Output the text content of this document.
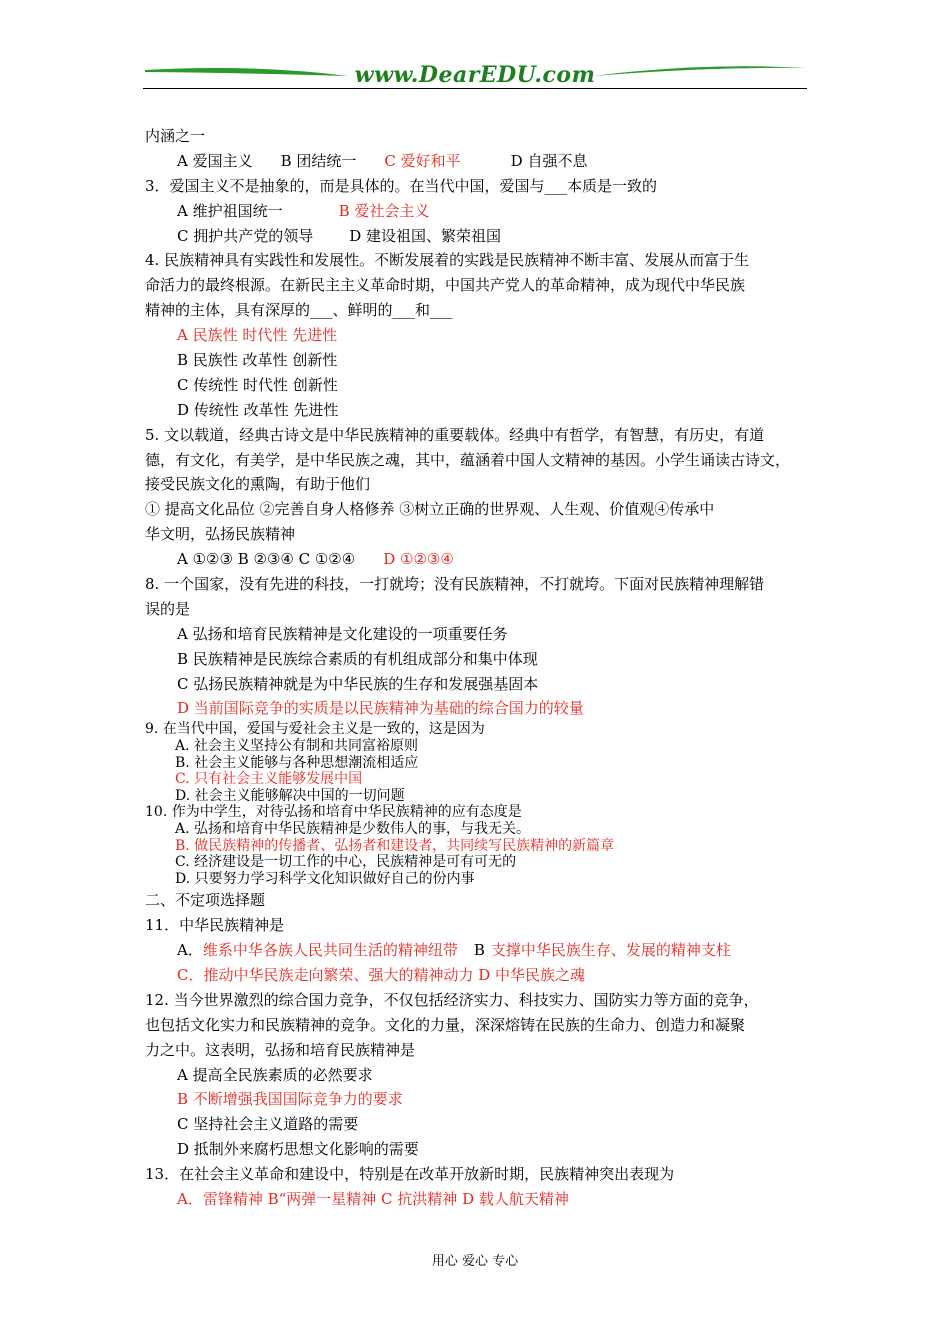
www.DearEDU.com
内涵之一
A 爱国主义 B 团结统一 C 爱好和平	D 自强不息
3．爱国主义不是抽象的，而是具体的。在当代中国，爱国与___本质是一致的
A 维护祖国统一	B 爱社会主义
C 拥护共产党的领导 D 建设祖国、繁荣祖国
4. 民族精神具有实践性和发展性。不断发展着的实践是民族精神不断丰富、发展从而富于生
命活力的最终根源。在新民主主义革命时期，中国共产党人的革命精神，成为现代中华民族
精神的主体，具有深厚的___、鲜明的___和___
A 民族性 时代性 先进性
B 民族性 改革性 创新性
C 传统性 时代性 创新性
D 传统性 改革性 先进性
5. 文以载道，经典古诗文是中华民族精神的重要载体。经典中有哲学，有智慧，有历史，有道
德，有文化，有美学，是中华民族之魂，其中，蕴涵着中国人文精神的基因。小学生诵读古诗文，
接受民族文化的熏陶，有助于他们
① 提高文化品位 ②完善自身人格修养 ③树立正确的世界观、人生观、价值观④传承中
华文明，弘扬民族精神
A ①②③ B ②③④ C ①②④ D ①②③④
8. 一个国家，没有先进的科技，一打就垮；没有民族精神，不打就垮。下面对民族精神理解错
误的是
A 弘扬和培育民族精神是文化建设的一项重要任务
B 民族精神是民族综合素质的有机组成部分和集中体现
C 弘扬民族精神就是为中华民族的生存和发展强基固本
D 当前国际竞争的实质是以民族精神为基础的综合国力的较量
9. 在当代中国，爱国与爱社会主义是一致的，这是因为
A. 社会主义坚持公有制和共同富裕原则
B. 社会主义能够与各种思想潮流相适应
C. 只有社会主义能够发展中国
D. 社会主义能够解决中国的一切问题
10. 作为中学生，对待弘扬和培育中华民族精神的应有态度是
A. 弘扬和培育中华民族精神是少数伟人的事，与我无关。
B. 做民族精神的传播者、弘扬者和建设者，共同续写民族精神的新篇章
C. 经济建设是一切工作的中心，民族精神是可有可无的
D. 只要努力学习科学文化知识做好自己的份内事
二、不定项选择题
11．中华民族精神是
A．维系中华各族人民共同生活的精神纽带 B 支撑中华民族生存、发展的精神支柱
C．推动中华民族走向繁荣、强大的精神动力 D 中华民族之魂
12. 当今世界激烈的综合国力竞争，不仅包括经济实力、科技实力、国防实力等方面的竞争，
也包括文化实力和民族精神的竞争。文化的力量，深深熔铸在民族的生命力、创造力和凝聚
力之中。这表明，弘扬和培育民族精神是
A 提高全民族素质的必然要求
B 不断增强我国国际竞争力的要求
C 坚持社会主义道路的需要
D 抵制外来腐朽思想文化影响的需要
13．在社会主义革命和建设中，特别是在改革开放新时期，民族精神突出表现为
A．雷锋精神 B“两弹一星精神 C 抗洪精神 D 载人航天精神
用心 爱心 专心
